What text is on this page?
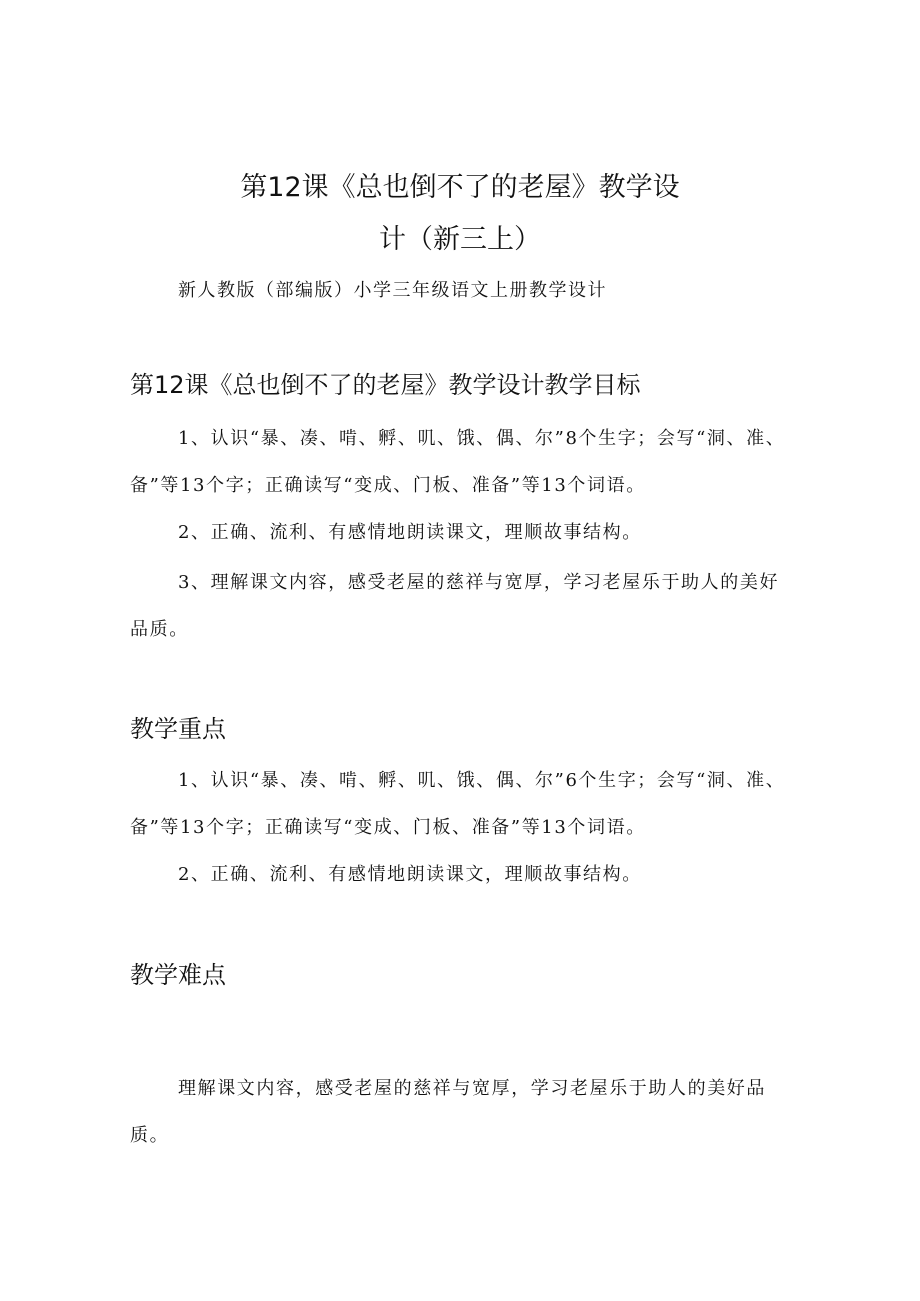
第12课《总也倒不了的老屋》教学设
计（新三上）
新人教版（部编版）小学三年级语文上册教学设计
第12课《总也倒不了的老屋》教学设计教学目标

1、认识“暴、凑、啃、孵、叽、饿、偶、尔”8个生字；会写“洞、准、备”等13个字；正确读写“变成、门板、准备”等13个词语。

2、正确、流利、有感情地朗读课文，理顺故事结构。

3、理解课文内容，感受老屋的慈祥与宽厚，学习老屋乐于助人的美好品质。

教学重点

1、认识“暴、凑、啃、孵、叽、饿、偶、尔”6个生字；会写“洞、准、备”等13个字；正确读写“变成、门板、准备”等13个词语。

2、正确、流利、有感情地朗读课文，理顺故事结构。

教学难点

理解课文内容，感受老屋的慈祥与宽厚，学习老屋乐于助人的美好品质。
